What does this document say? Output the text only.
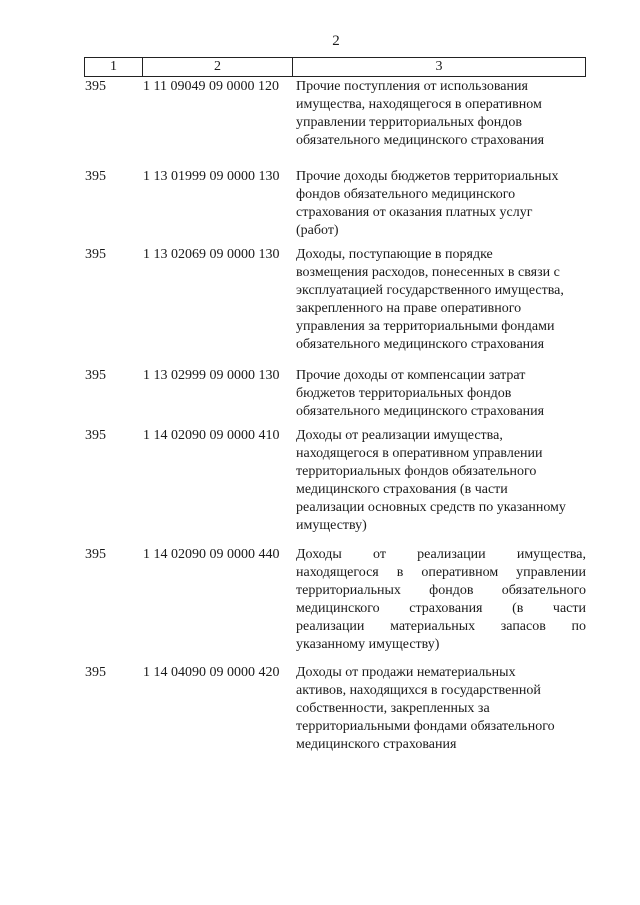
2
1	2	3
395	1 11 09049 09 0000 120 Прочие поступления от использования
имущества, находящегося в оперативном
управлении территориальных фондов
обязательного медицинского страхования
395	1 13 01999 09 0000 130 Прочие доходы бюджетов территориальных
фондов обязательного медицинского
страхования от оказания платных услуг
(работ)
395	1 13 02069 09 0000 130 Доходы, поступающие в порядке
возмещения расходов, понесенных в связи с
эксплуатацией государственного имущества,
закрепленного на праве оперативного
управления за территориальными фондами
обязательного медицинского страхования
395	1 13 02999 09 0000 130 Прочие доходы от компенсации затрат
бюджетов территориальных фондов
обязательного медицинского страхования
395	1 14 02090 09 0000 410 Доходы от реализации имущества,
находящегося в оперативном управлении
территориальных фондов обязательного
медицинского страхования (в части
реализации основных средств по указанному
имуществу)
395	1 14 02090 09 0000 440 Доходы от реализации имущества,
находящегося в оперативном управлении
территориальных фондов обязательного
медицинского страхования (в части
реализации материальных запасов по
указанному имуществу)
395	1 14 04090 09 0000 420 Доходы от продажи нематериальных
активов, находящихся в государственной
собственности, закрепленных за
территориальными фондами обязательного
медицинского страхования
